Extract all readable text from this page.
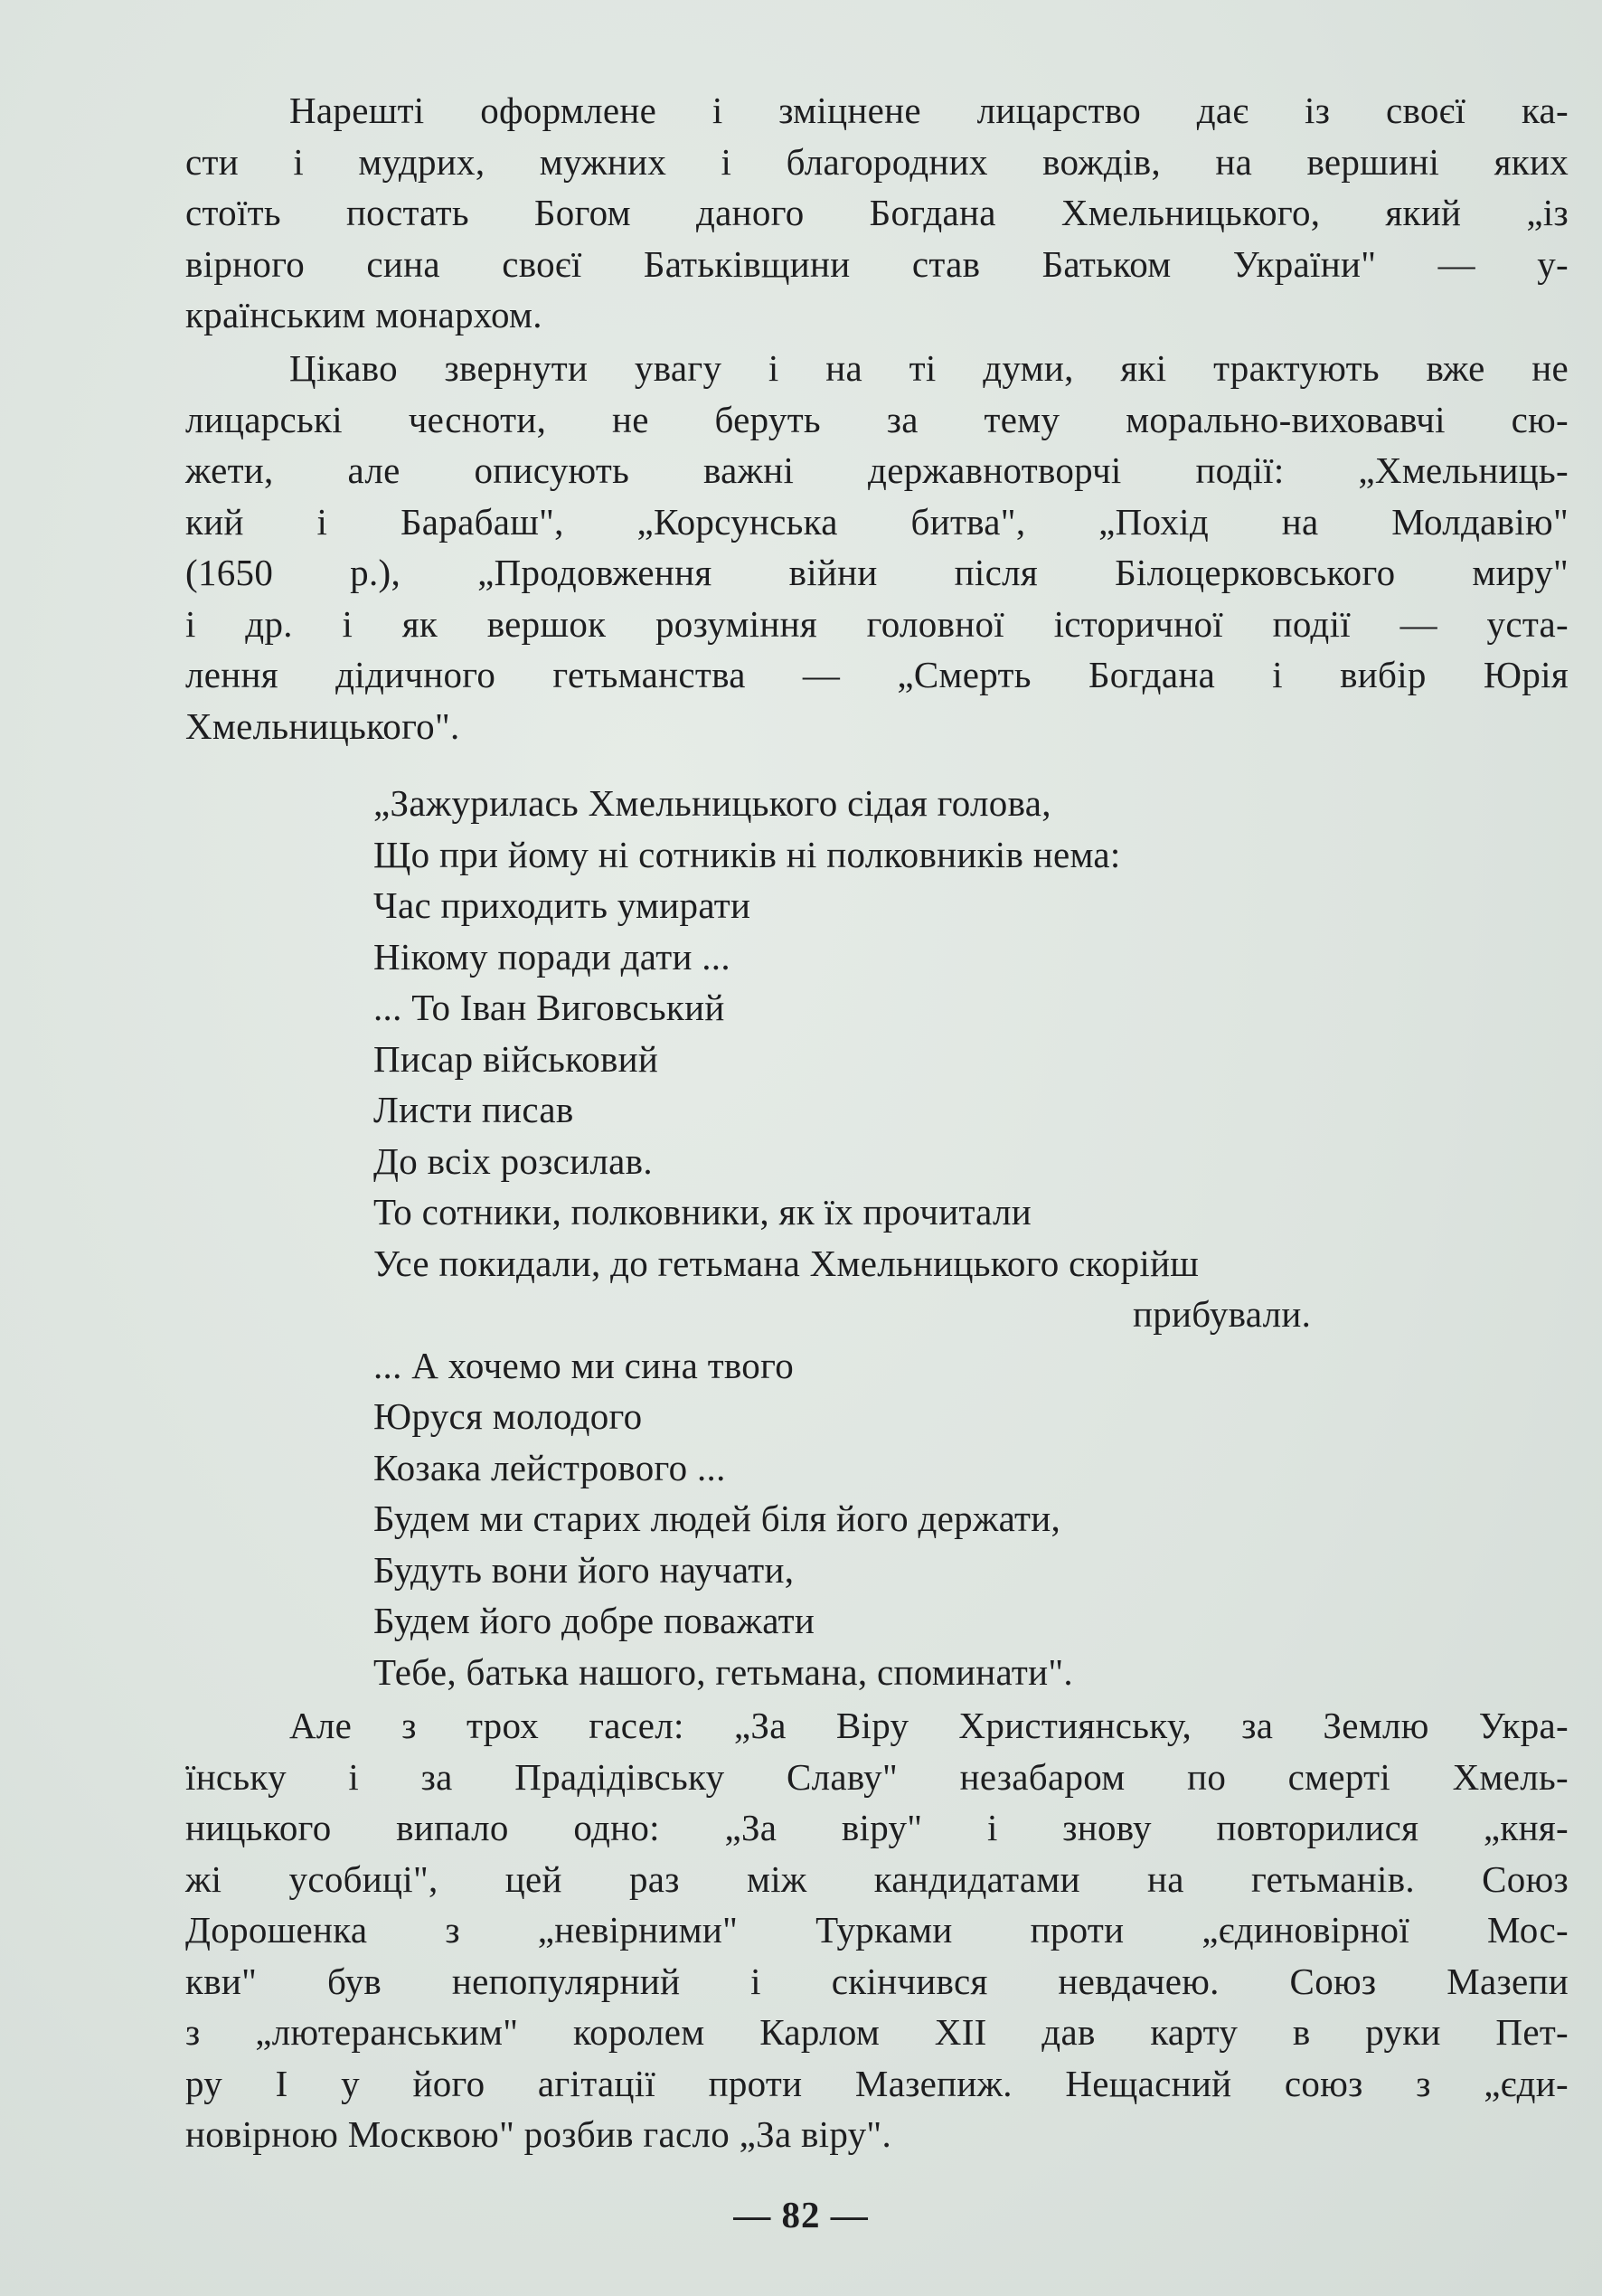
Нарешті оформлене і зміцнене лицарство дає із своєї ка-
сти і мудрих, мужних і благородних вождів, на вершині яких
стоїть постать Богом даного Богдана Хмельницького, який „із
вірного сина своєї Батьківщини став Батьком України" — у-
країнським монархом.
Цікаво звернути увагу і на ті думи, які трактують вже не
лицарські чесноти, не беруть за тему морально-виховавчі сю-
жети, але описують важні державнотворчі події: „Хмельниць-
кий і Барабаш", „Корсунська битва", „Похід на Молдавію"
(1650 р.), „Продовження війни після Білоцерковського миру"
і др. і як вершок розуміння головної історичної події — уста-
лення дідичного гетьманства — „Смерть Богдана і вибір Юрія
Хмельницького".
„Зажурилась Хмельницького сідая голова,
Що при йому ні сотників ні полковників нема:
Час приходить умирати
Нікому поради дати ...
... То Іван Виговський
Писар військовий
Листи писав
До всіх розсилав.
То сотники, полковники, як їх прочитали
Усе покидали, до гетьмана Хмельницького скорійш
прибували.
... А хочемо ми сина твого
Юруся молодого
Козака лейстрового ...
Будем ми старих людей біля його держати,
Будуть вони його научати,
Будем його добре поважати
Тебе, батька нашого, гетьмана, споминати".
Але з трох гасел: „За Віру Християнську, за Землю Укра-
їнську і за Прадідівську Славу" незабаром по смерті Хмель-
ницького випало одно: „За віру" і знову повторилися „кня-
жі усобиці", цей раз між кандидатами на гетьманів. Союз
Дорошенка з „невірними" Турками проти „єдиновірної Мос-
кви" був непопулярний і скінчився невдачею. Союз Мазепи
з „лютеранським" королем Карлом XII дав карту в руки Пет-
ру І у його агітації проти Мазепиж. Нещасний союз з „єди-
новірною Москвою" розбив гасло „За віру".
— 82 —
